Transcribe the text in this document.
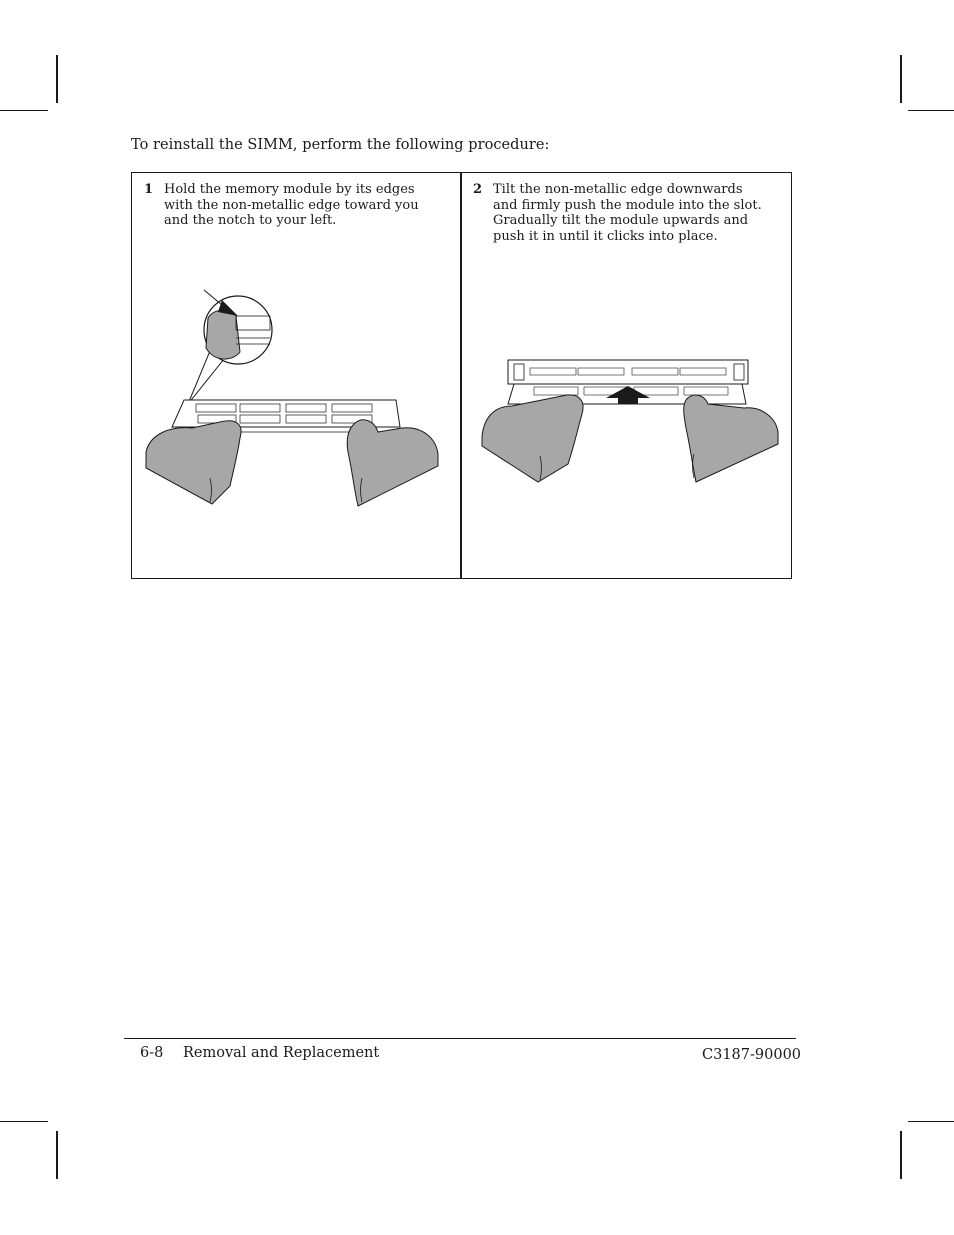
To reinstall the SIMM, perform the following procedure:
1 Hold the memory module by its edges
with the non-metallic edge toward you
and the notch to your left.
2 Tilt the non-metallic edge downwards
and firmly push the module into the slot.
Gradually tilt the module upwards and
push it in until it clicks into place.
6-8 Removal and Replacement	C3187-90000
